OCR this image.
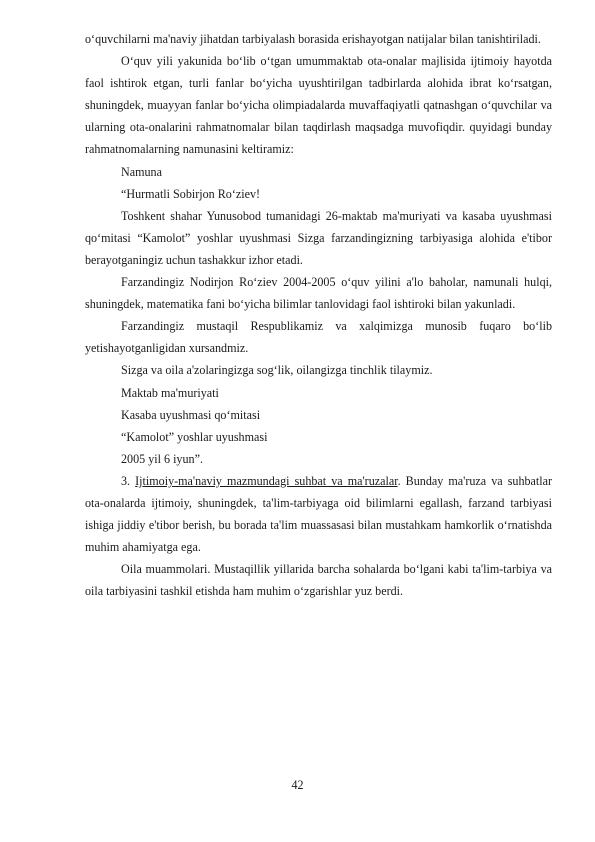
o‘quvchilarni ma'naviy jihatdan tarbiyalash borasida erishayotgan natijalar bilan tanishtiriladi.

O‘quv yili yakunida bo‘lib o‘tgan umummaktab ota-onalar majlisida ijtimoiy hayotda faol ishtirok etgan, turli fanlar bo‘yicha uyushtirilgan tadbirlarda alohida ibrat ko‘rsatgan, shuningdek, muayyan fanlar bo‘yicha olimpiadalarda muvaffaqiyatli qatnashgan o‘quvchilar va ularning ota-onalarini rahmatnomalar bilan taqdirlash maqsadga muvofiqdir. quyidagi bunday rahmatnomalarning namunasini keltiramiz:

Namuna

“Hurmatli Sobirjon Ro‘ziev!

Toshkent shahar Yunusobod tumanidagi 26-maktab ma'muriyati va kasaba uyushmasi qo‘mitasi “Kamolot” yoshlar uyushmasi Sizga farzandingizning tarbiyasiga alohida e'tibor berayotganingiz uchun tashakkur izhor etadi.

Farzandingiz Nodirjon Ro‘ziev 2004-2005 o‘quv yilini a'lo baholar, namunali hulqi, shuningdek, matematika fani bo‘yicha bilimlar tanlovidagi faol ishtiroki bilan yakunladi.

Farzandingiz mustaqil Respublikamiz va xalqimizga munosib fuqaro bo‘lib yetishayotganligidan xursandmiz.

Sizga va oila a'zolaringizga sog‘lik, oilangizga tinchlik tilaymiz.

Maktab ma'muriyati

Kasaba uyushmasi qo‘mitasi

“Kamolot” yoshlar uyushmasi

2005 yil 6 iyun”.

3. Ijtimoiy-ma'naviy mazmundagi suhbat va ma'ruzalar. Bunday ma'ruza va suhbatlar ota-onalarda ijtimoiy, shuningdek, ta'lim-tarbiyaga oid bilimlarni egallash, farzand tarbiyasi ishiga jiddiy e'tibor berish, bu borada ta'lim muassasasi bilan mustahkam hamkorlik o‘rnatishda muhim ahamiyatga ega.

Oila muammolari. Mustaqillik yillarida barcha sohalarda bo‘lgani kabi ta'lim-tarbiya va oila tarbiyasini tashkil etishda ham muhim o‘zgarishlar yuz berdi.

42
